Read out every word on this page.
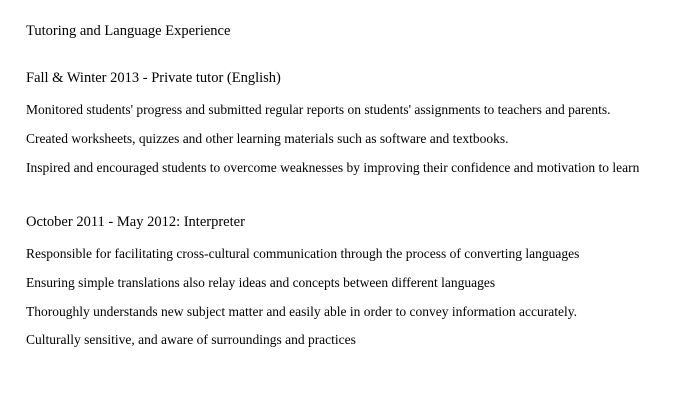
Tutoring and Language Experience
Fall & Winter 2013 - Private tutor (English)
Monitored students' progress and submitted regular reports on students' assignments to teachers and parents.
Created worksheets, quizzes and other learning materials such as software and textbooks.
Inspired and encouraged students to overcome weaknesses by improving their confidence and motivation to learn
October 2011 - May 2012: Interpreter
Responsible for facilitating cross-cultural communication through the process of converting languages
Ensuring simple translations also relay ideas and concepts between different languages
Thoroughly understands new subject matter and easily able in order to convey information accurately.
Culturally sensitive, and aware of surroundings and practices
